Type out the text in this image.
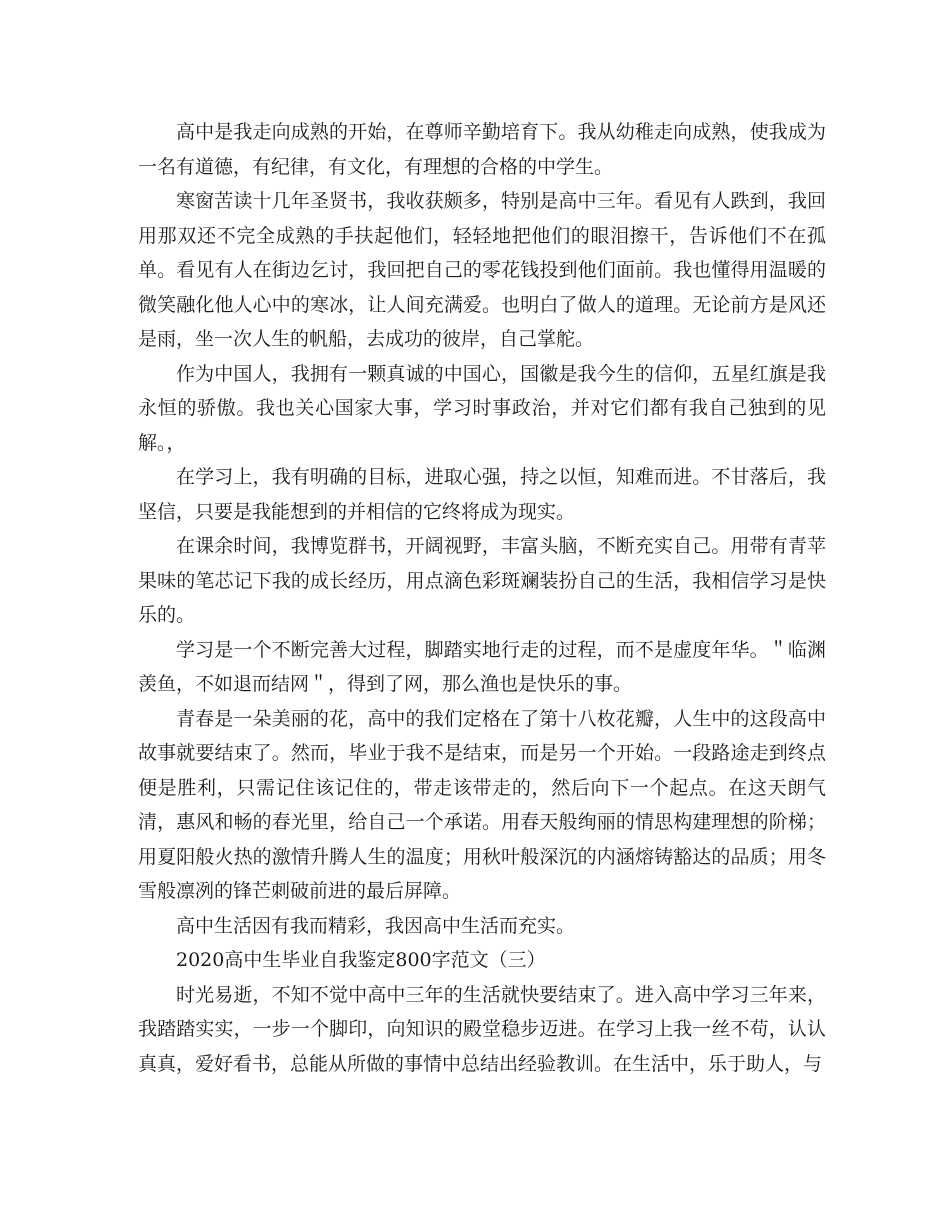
高中是我走向成熟的开始，在尊师辛勤培育下。我从幼稚走向成熟，使我成为一名有道德，有纪律，有文化，有理想的合格的中学生。

寒窗苦读十几年圣贤书，我收获颇多，特别是高中三年。看见有人跌到，我回用那双还不完全成熟的手扶起他们，轻轻地把他们的眼泪擦干，告诉他们不在孤单。看见有人在街边乞讨，我回把自己的零花钱投到他们面前。我也懂得用温暖的微笑融化他人心中的寒冰，让人间充满爱。也明白了做人的道理。无论前方是风还是雨，坐一次人生的帆船，去成功的彼岸，自己掌舵。

作为中国人，我拥有一颗真诚的中国心，国徽是我今生的信仰，五星红旗是我永恒的骄傲。我也关心国家大事，学习时事政治，并对它们都有我自己独到的见解。，

在学习上，我有明确的目标，进取心强，持之以恒，知难而进。不甘落后，我坚信，只要是我能想到的并相信的它终将成为现实。

在课余时间，我博览群书，开阔视野，丰富头脑，不断充实自己。用带有青苹果味的笔芯记下我的成长经历，用点滴色彩斑斓装扮自己的生活，我相信学习是快乐的。

学习是一个不断完善大过程，脚踏实地行走的过程，而不是虚度年华。＂临渊羡鱼，不如退而结网＂，得到了网，那么渔也是快乐的事。

青春是一朵美丽的花，高中的我们定格在了第十八枚花瓣，人生中的这段高中故事就要结束了。然而，毕业于我不是结束，而是另一个开始。一段路途走到终点便是胜利，只需记住该记住的，带走该带走的，然后向下一个起点。在这天朗气清，惠风和畅的春光里，给自己一个承诺。用春天般绚丽的情思构建理想的阶梯；用夏阳般火热的激情升腾人生的温度；用秋叶般深沉的内涵熔铸豁达的品质；用冬雪般凛冽的锋芒刺破前进的最后屏障。

高中生活因有我而精彩，我因高中生活而充实。

2020高中生毕业自我鉴定800字范文（三）

时光易逝，不知不觉中高中三年的生活就快要结束了。进入高中学习三年来，我踏踏实实，一步一个脚印，向知识的殿堂稳步迈进。在学习上我一丝不苟，认认真真，爱好看书，总能从所做的事情中总结出经验教训。在生活中，乐于助人，与
